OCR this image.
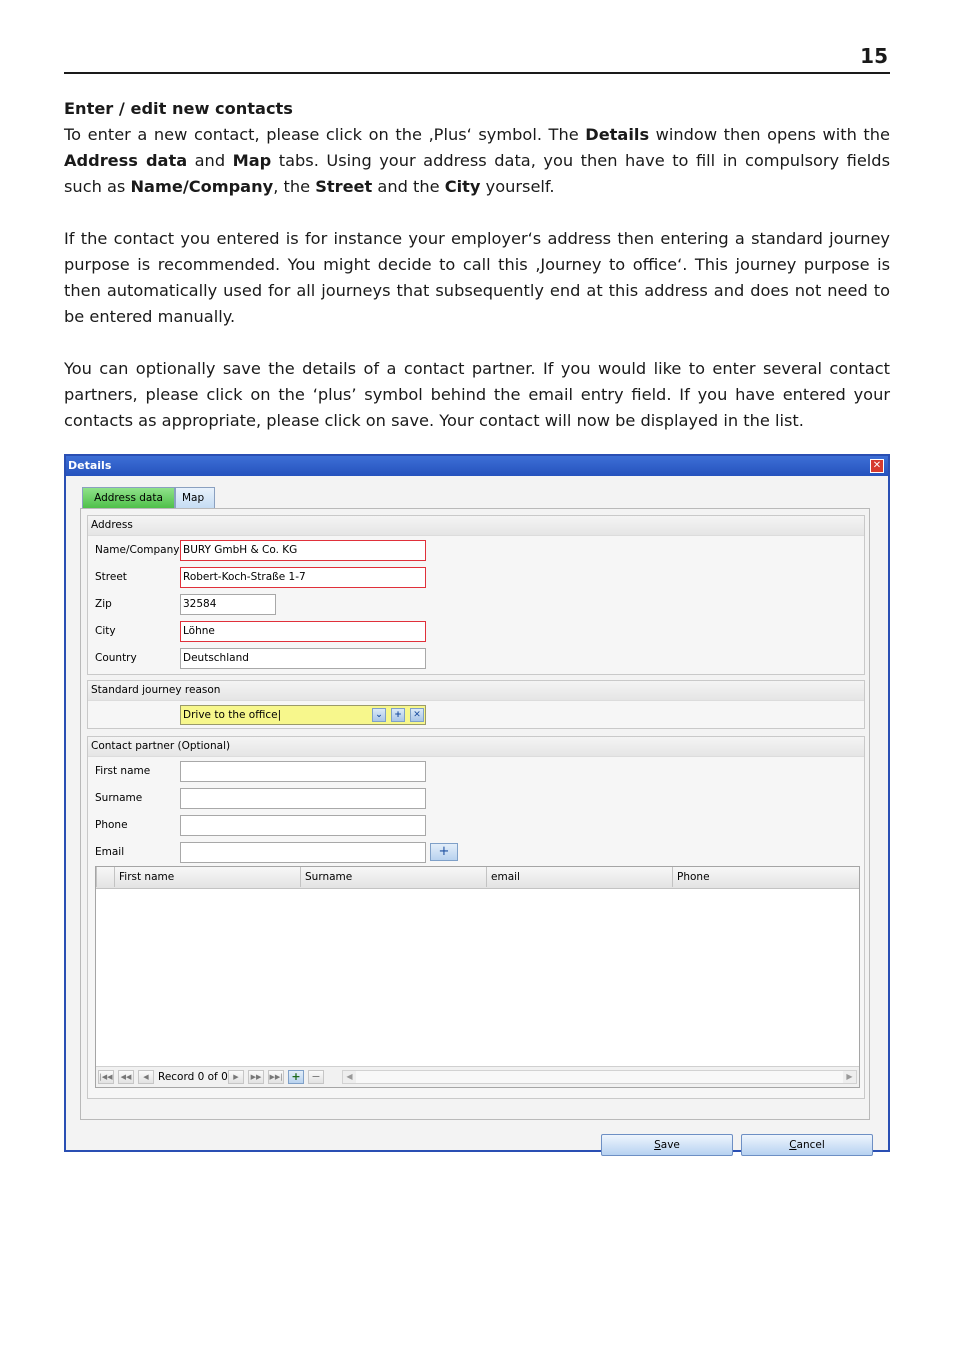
15
Enter / edit new contacts

To enter a new contact, please click on the ‚Plus‘ symbol. The Details window then opens with the Address data and Map tabs. Using your address data, you then have to fill in compulsory fields such as Name/Company, the Street and the City yourself.

If the contact you entered is for instance your employer‘s address then entering a standard journey purpose is recommended. You might decide to call this ‚Journey to office‘. This journey purpose is then automatically used for all journeys that subsequently end at this address and does not need to be entered manually.

You can optionally save the details of a contact partner. If you would like to enter several contact partners, please click on the ‘plus’ symbol behind the email entry field. If you have entered your contacts as appropriate, please click on save. Your contact will now be displayed in the list.

Details	✕
Address data	Map
Address
Name/Company BURY GmbH & Co. KG
Street	Robert-Koch-Straße 1-7
Zip	32584
City	Löhne
Country	Deutschland
Standard journey reason
Drive to the office|	⌄	+	✕
Contact partner (Optional)
First name
Surname
Phone
Email	+
First name	Surname	email	Phone
|◀◀	◀◀	◀ Record 0 of 0 ▶	▶▶	▶▶| + −	◀	▶
Save	Cancel
